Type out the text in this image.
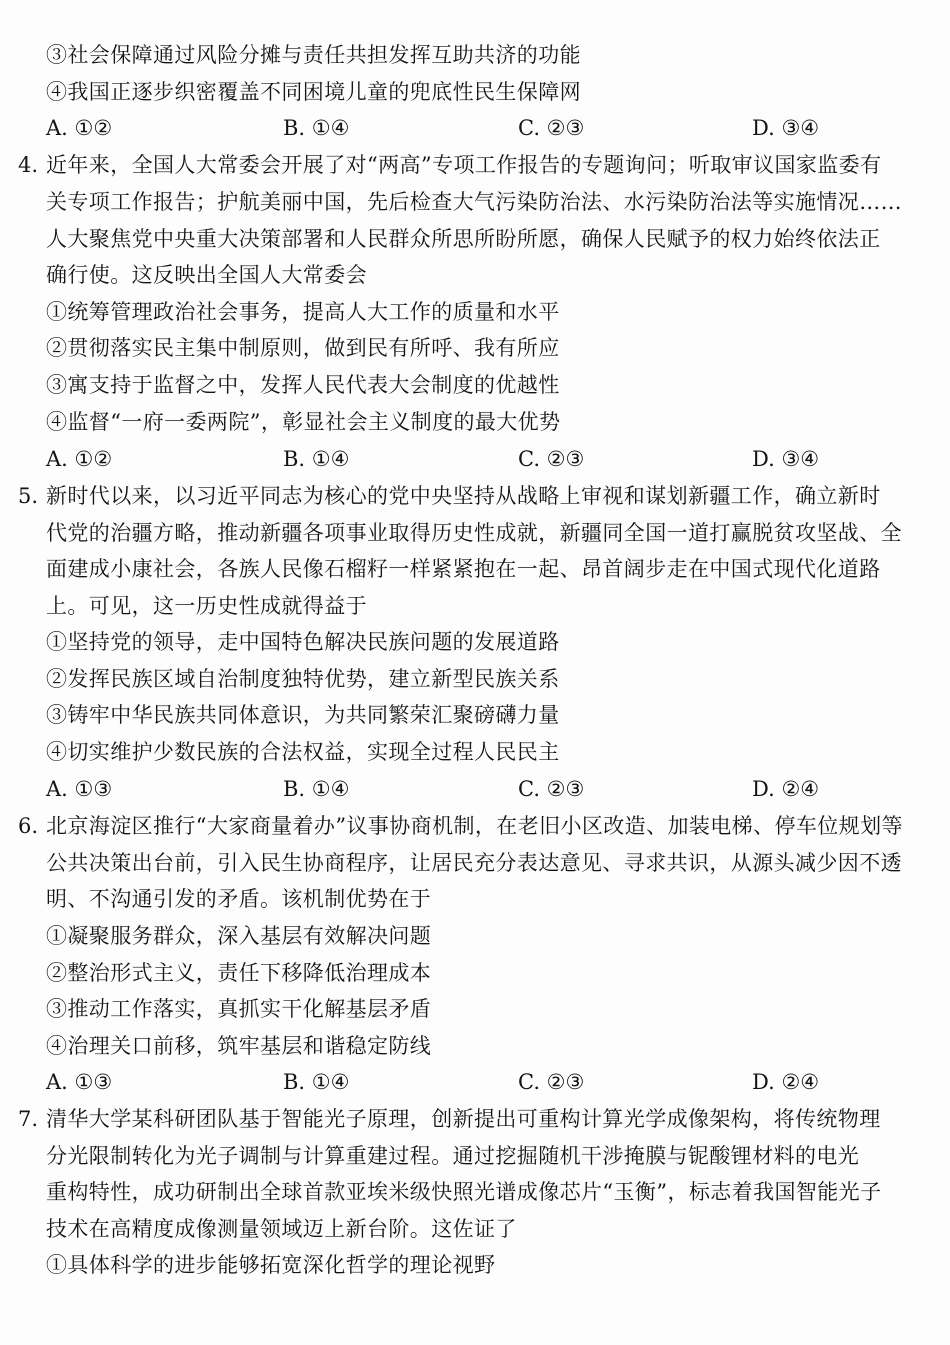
③社会保障通过风险分摊与责任共担发挥互助共济的功能
④我国正逐步织密覆盖不同困境儿童的兜底性民生保障网
A. ①②	B. ①④	C. ②③	D. ③④
4. 近年来，全国人大常委会开展了对“两高”专项工作报告的专题询问；听取审议国家监委有
关专项工作报告；护航美丽中国，先后检查大气污染防治法、水污染防治法等实施情况……
人大聚焦党中央重大决策部署和人民群众所思所盼所愿，确保人民赋予的权力始终依法正
确行使。这反映出全国人大常委会
①统筹管理政治社会事务，提高人大工作的质量和水平
②贯彻落实民主集中制原则，做到民有所呼、我有所应
③寓支持于监督之中，发挥人民代表大会制度的优越性
④监督“一府一委两院”，彰显社会主义制度的最大优势
A. ①②	B. ①④	C. ②③	D. ③④
5. 新时代以来，以习近平同志为核心的党中央坚持从战略上审视和谋划新疆工作，确立新时
代党的治疆方略，推动新疆各项事业取得历史性成就，新疆同全国一道打赢脱贫攻坚战、全
面建成小康社会，各族人民像石榴籽一样紧紧抱在一起、昂首阔步走在中国式现代化道路
上。可见，这一历史性成就得益于
①坚持党的领导，走中国特色解决民族问题的发展道路
②发挥民族区域自治制度独特优势，建立新型民族关系
③铸牢中华民族共同体意识，为共同繁荣汇聚磅礴力量
④切实维护少数民族的合法权益，实现全过程人民民主
A. ①③	B. ①④	C. ②③	D. ②④
6. 北京海淀区推行“大家商量着办”议事协商机制，在老旧小区改造、加装电梯、停车位规划等
公共决策出台前，引入民生协商程序，让居民充分表达意见、寻求共识，从源头减少因不透
明、不沟通引发的矛盾。该机制优势在于
①凝聚服务群众，深入基层有效解决问题
②整治形式主义，责任下移降低治理成本
③推动工作落实，真抓实干化解基层矛盾
④治理关口前移，筑牢基层和谐稳定防线
A. ①③	B. ①④	C. ②③	D. ②④
7. 清华大学某科研团队基于智能光子原理，创新提出可重构计算光学成像架构，将传统物理
分光限制转化为光子调制与计算重建过程。通过挖掘随机干涉掩膜与铌酸锂材料的电光
重构特性，成功研制出全球首款亚埃米级快照光谱成像芯片“玉衡”，标志着我国智能光子
技术在高精度成像测量领域迈上新台阶。这佐证了
①具体科学的进步能够拓宽深化哲学的理论视野
